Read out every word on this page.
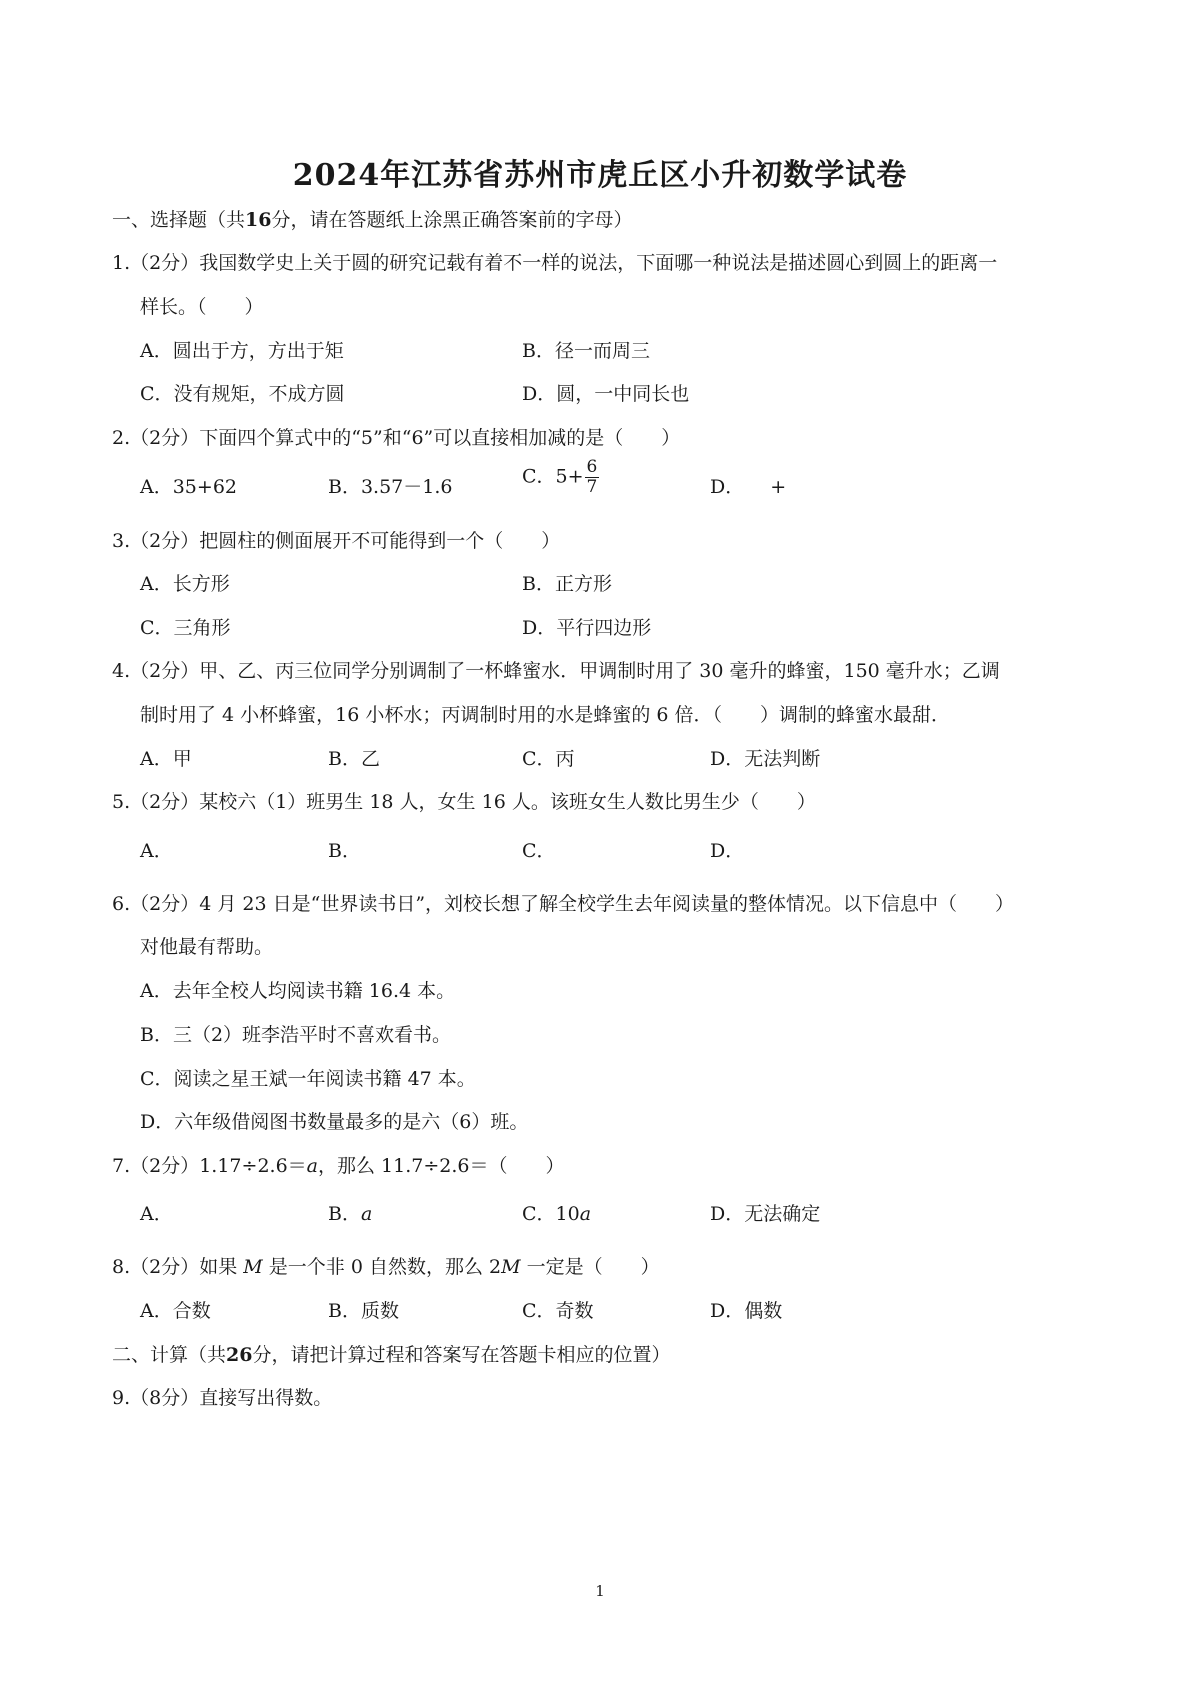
2024年江苏省苏州市虎丘区小升初数学试卷
一、选择题（共16分，请在答题纸上涂黑正确答案前的字母）
1.（2分）我国数学史上关于圆的研究记载有着不一样的说法，下面哪一种说法是描述圆心到圆上的距离一
样长。（　　）
A．圆出于方，方出于矩	B．径一而周三
C．没有规矩，不成方圆	D．圆，一中同长也
2.（2分）下面四个算式中的“5”和“6”可以直接相加减的是（　　）
A．35+62	B．3.57－1.6	C．$5+ \frac{6}{7}$	D． +
3.（2分）把圆柱的侧面展开不可能得到一个（　　）
A．长方形	B．正方形
C．三角形	D．平行四边形
4.（2分）甲、乙、丙三位同学分别调制了一杯蜂蜜水．甲调制时用了 30 毫升的蜂蜜，150 毫升水；乙调
制时用了 4 小杯蜂蜜，16 小杯水；丙调制时用的水是蜂蜜的 6 倍．（　　）调制的蜂蜜水最甜．
A．甲	B．乙	C．丙	D．无法判断
5.（2分）某校六（1）班男生 18 人，女生 16 人。该班女生人数比男生少（　　）
A．	B．	C．	D．
6.（2分）4 月 23 日是“世界读书日”，刘校长想了解全校学生去年阅读量的整体情况。以下信息中（　　）
对他最有帮助。
A．去年全校人均阅读书籍 16.4 本。
B．三（2）班李浩平时不喜欢看书。
C．阅读之星王斌一年阅读书籍 47 本。
D．六年级借阅图书数量最多的是六（6）班。
7.（2分）1.17÷2.6＝a，那么 11.7÷2.6＝（　　）
A．	B．a	C．10a	D．无法确定
8.（2分）如果 M 是一个非 0 自然数，那么 2M 一定是（　　）
A．合数	B．质数	C．奇数	D．偶数
二、计算（共26分，请把计算过程和答案写在答题卡相应的位置）
9.（8分）直接写出得数。
1
